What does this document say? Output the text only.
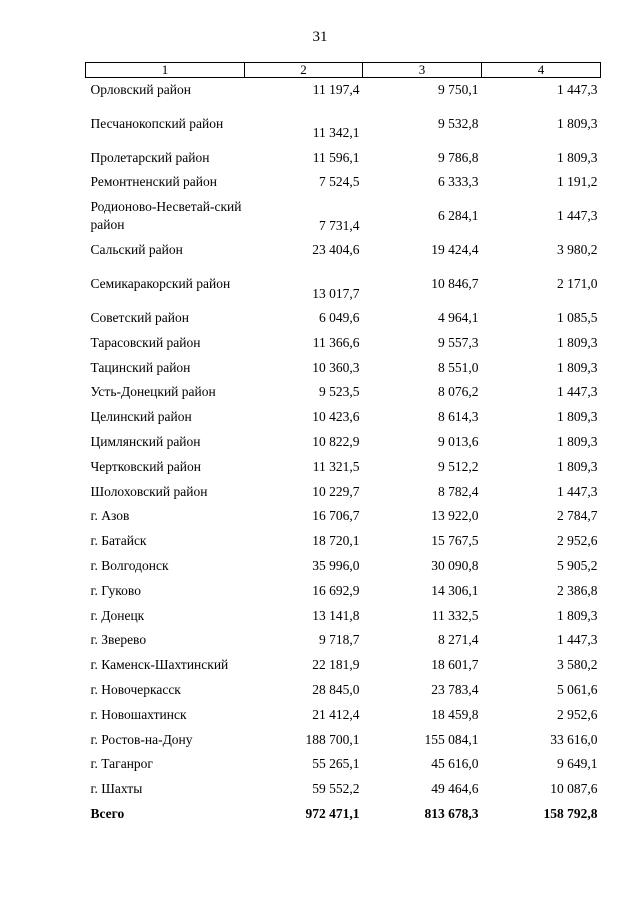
31
1	2	3	4
Орловский район	11 197,4	9 750,1	1 447,3
Песчанокопский район	11 342,1	9 532,8	1 809,3
Пролетарский район	11 596,1	9 786,8	1 809,3
Ремонтненский район	7 524,5	6 333,3	1 191,2
Родионово-Несветай-ский район	7 731,4	6 284,1	1 447,3
Сальский район	23 404,6	19 424,4	3 980,2
Семикаракорский район	13 017,7	10 846,7	2 171,0
Советский район	6 049,6	4 964,1	1 085,5
Тарасовский район	11 366,6	9 557,3	1 809,3
Тацинский район	10 360,3	8 551,0	1 809,3
Усть-Донецкий район	9 523,5	8 076,2	1 447,3
Целинский район	10 423,6	8 614,3	1 809,3
Цимлянский район	10 822,9	9 013,6	1 809,3
Чертковский район	11 321,5	9 512,2	1 809,3
Шолоховский район	10 229,7	8 782,4	1 447,3
г. Азов	16 706,7	13 922,0	2 784,7
г. Батайск	18 720,1	15 767,5	2 952,6
г. Волгодонск	35 996,0	30 090,8	5 905,2
г. Гуково	16 692,9	14 306,1	2 386,8
г. Донецк	13 141,8	11 332,5	1 809,3
г. Зверево	9 718,7	8 271,4	1 447,3
г. Каменск-Шахтинский	22 181,9	18 601,7	3 580,2
г. Новочеркасск	28 845,0	23 783,4	5 061,6
г. Новошахтинск	21 412,4	18 459,8	2 952,6
г. Ростов-на-Дону	188 700,1	155 084,1	33 616,0
г. Таганрог	55 265,1	45 616,0	9 649,1
г. Шахты	59 552,2	49 464,6	10 087,6
Всего	972 471,1	813 678,3	158 792,8
